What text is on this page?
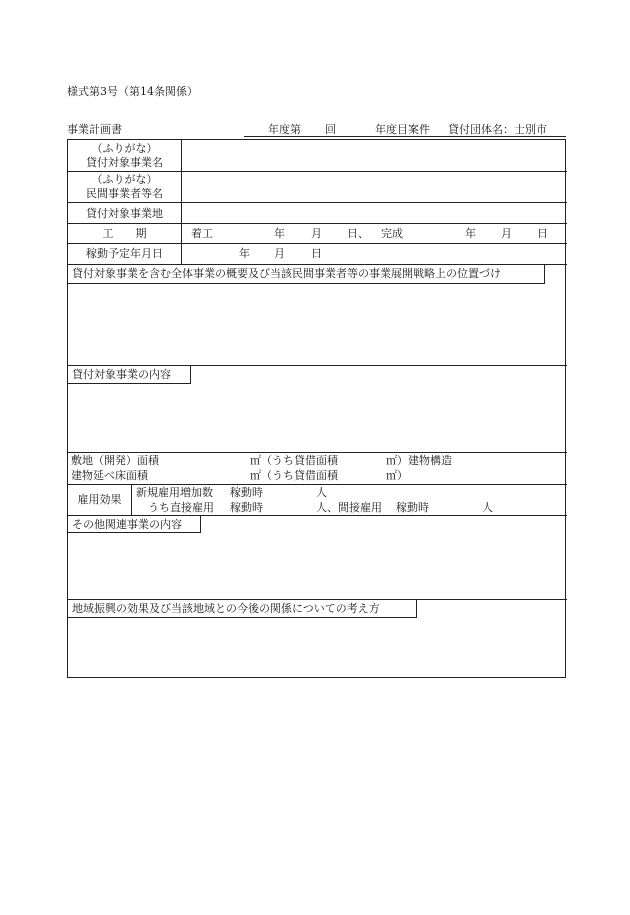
様式第3号（第14条関係）
事業計画書	年度第 回	年度目案件 貸付団体名：士別市
（ふりがな）
貸付対象事業名
（ふりがな）
民間事業者等名
貸付対象事業地
工　　期	着工	年 月 日、 完成	年 月 日
稼動予定年月日	年 月 日
貸付対象事業を含む全体事業の概要及び当該民間事業者等の事業展開戦略上の位置づけ
貸付対象事業の内容
敷地（開発）面積	㎡（うち貸借面積	㎡）建物構造
建物延べ床面積	㎡（うち貸借面積	㎡）
雇用効果
新規雇用増加数 稼動時	人
うち直接雇用 稼動時	人、間接雇用 稼動時	人
その他関連事業の内容
地域振興の効果及び当該地域との今後の関係についての考え方
